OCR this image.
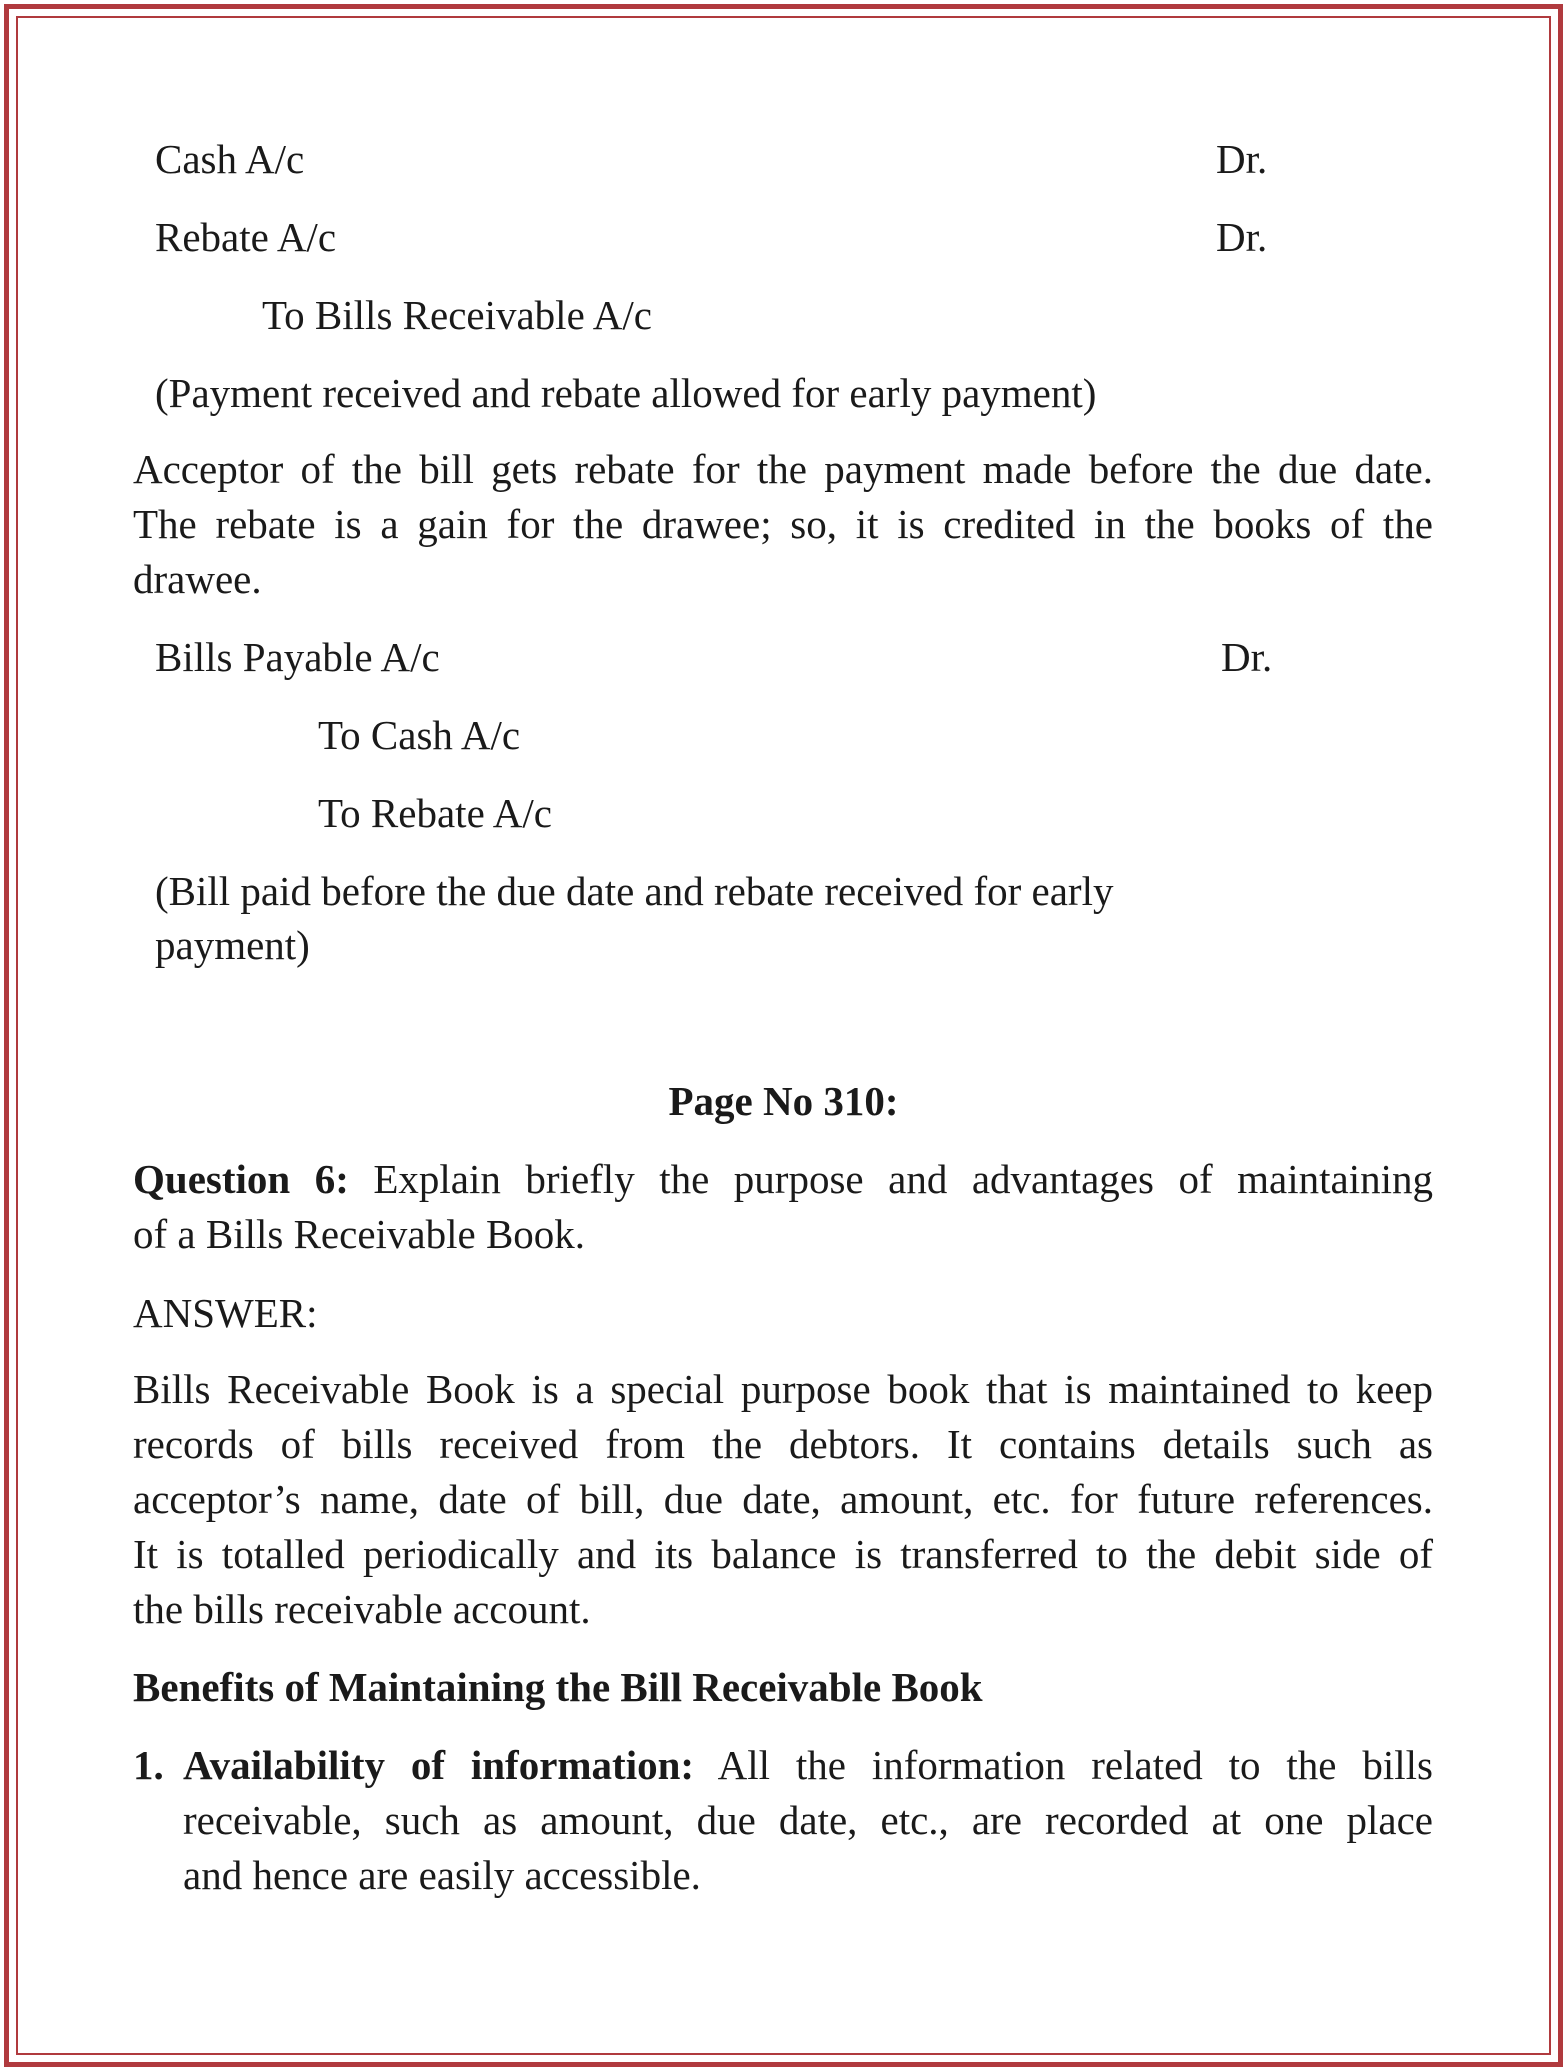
Cash A/c	Dr.
Rebate A/c	Dr.
To Bills Receivable A/c
(Payment received and rebate allowed for early payment)
Acceptor of the bill gets rebate for the payment made before the due date.
The rebate is a gain for the drawee; so, it is credited in the books of the
drawee.
Bills Payable A/c	Dr.
To Cash A/c
To Rebate A/c
(Bill paid before the due date and rebate received for early
payment)
Page No 310:
Question 6: Explain briefly the purpose and advantages of maintaining
of a Bills Receivable Book.
ANSWER:
Bills Receivable Book is a special purpose book that is maintained to keep
records of bills received from the debtors. It contains details such as
acceptor’s name, date of bill, due date, amount, etc. for future references.
It is totalled periodically and its balance is transferred to the debit side of
the bills receivable account.
Benefits of Maintaining the Bill Receivable Book
1. Availability of information: All the information related to the bills
receivable, such as amount, due date, etc., are recorded at one place
and hence are easily accessible.
